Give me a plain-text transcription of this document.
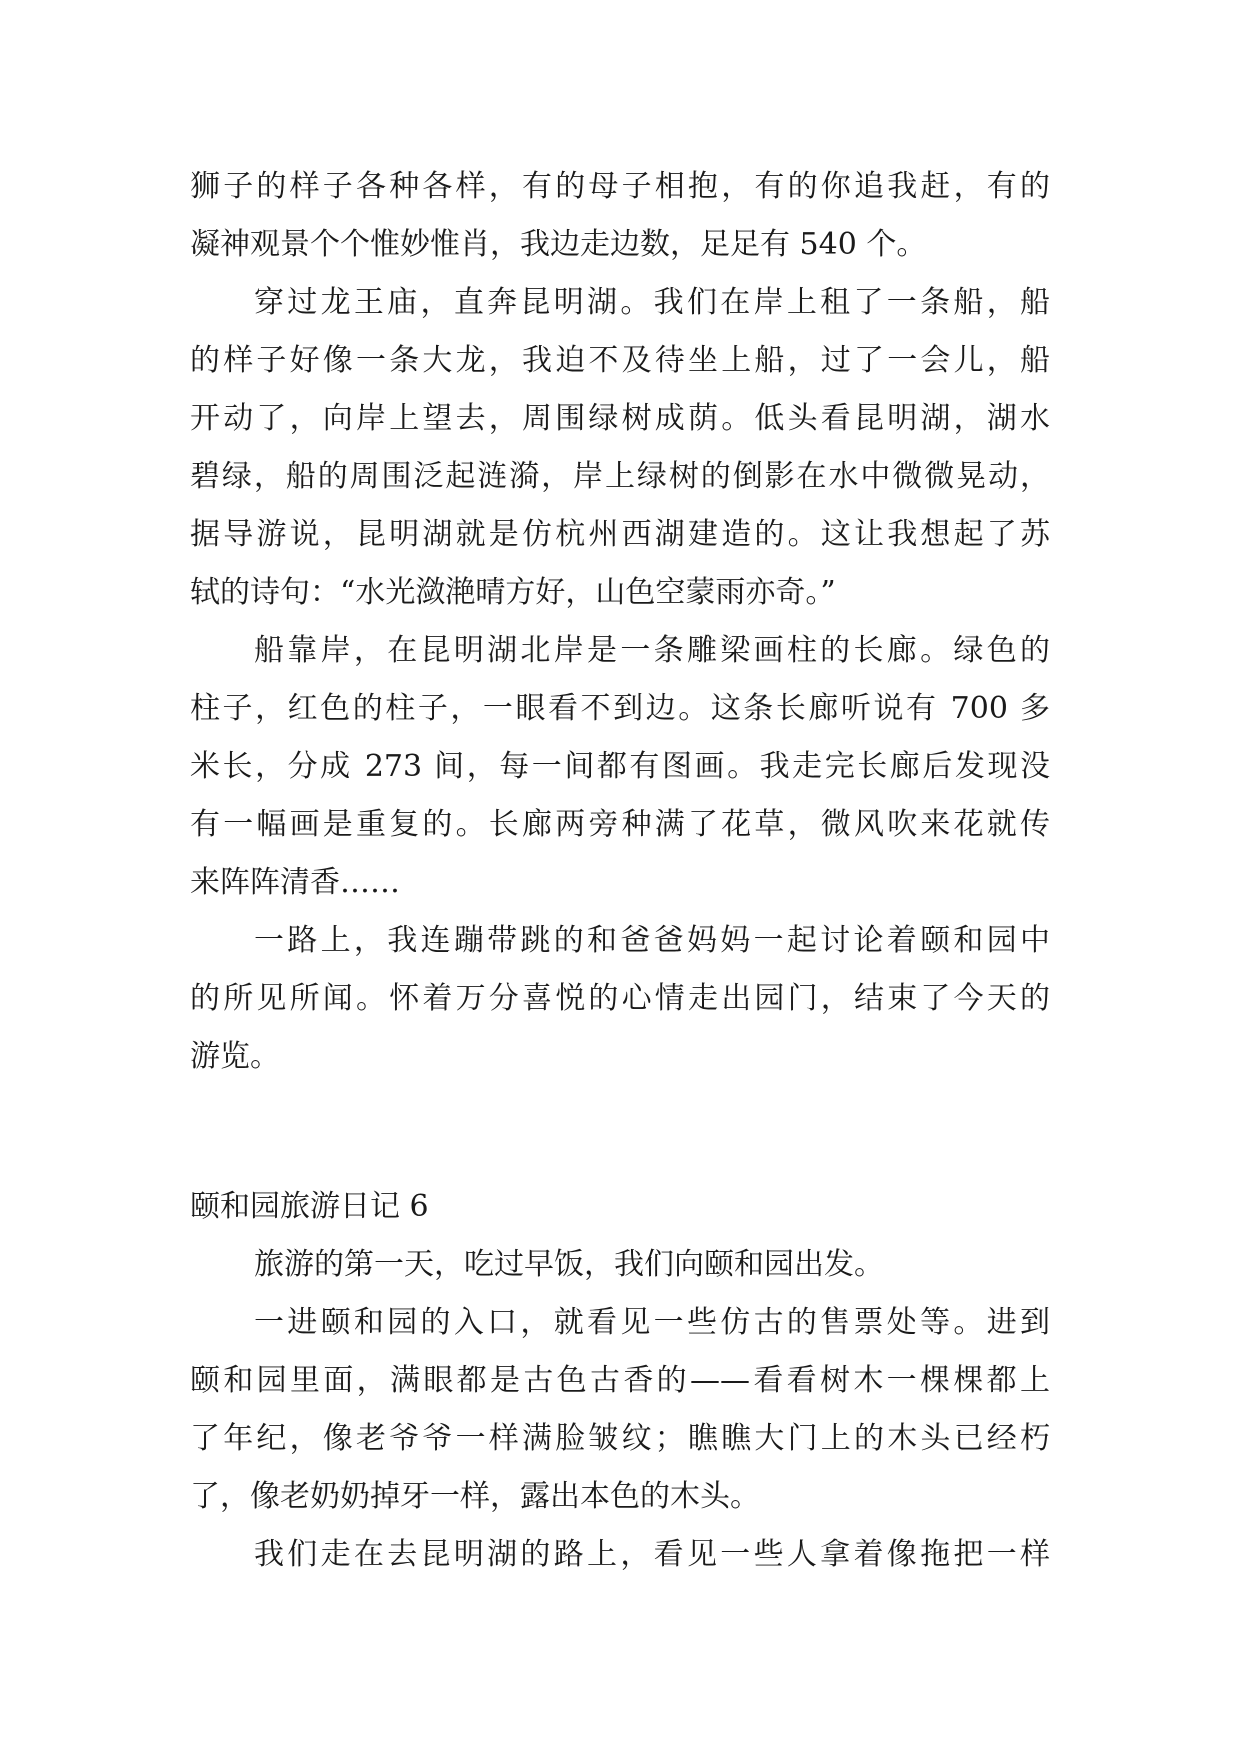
狮子的样子各种各样，有的母子相抱，有的你追我赶，有的
凝神观景个个惟妙惟肖，我边走边数，足足有 540 个。
穿过龙王庙，直奔昆明湖。我们在岸上租了一条船，船
的样子好像一条大龙，我迫不及待坐上船，过了一会儿，船
开动了，向岸上望去，周围绿树成荫。低头看昆明湖，湖水
碧绿，船的周围泛起涟漪，岸上绿树的倒影在水中微微晃动，
据导游说，昆明湖就是仿杭州西湖建造的。这让我想起了苏
轼的诗句：“水光潋滟晴方好，山色空蒙雨亦奇。”
船靠岸，在昆明湖北岸是一条雕梁画柱的长廊。绿色的
柱子，红色的柱子，一眼看不到边。这条长廊听说有 700 多
米长，分成 273 间，每一间都有图画。我走完长廊后发现没
有一幅画是重复的。长廊两旁种满了花草，微风吹来花就传
来阵阵清香……
一路上，我连蹦带跳的和爸爸妈妈一起讨论着颐和园中
的所见所闻。怀着万分喜悦的心情走出园门，结束了今天的
游览。
颐和园旅游日记 6
旅游的第一天，吃过早饭，我们向颐和园出发。
一进颐和园的入口，就看见一些仿古的售票处等。进到
颐和园里面，满眼都是古色古香的——看看树木一棵棵都上
了年纪，像老爷爷一样满脸皱纹；瞧瞧大门上的木头已经朽
了，像老奶奶掉牙一样，露出本色的木头。
我们走在去昆明湖的路上，看见一些人拿着像拖把一样
